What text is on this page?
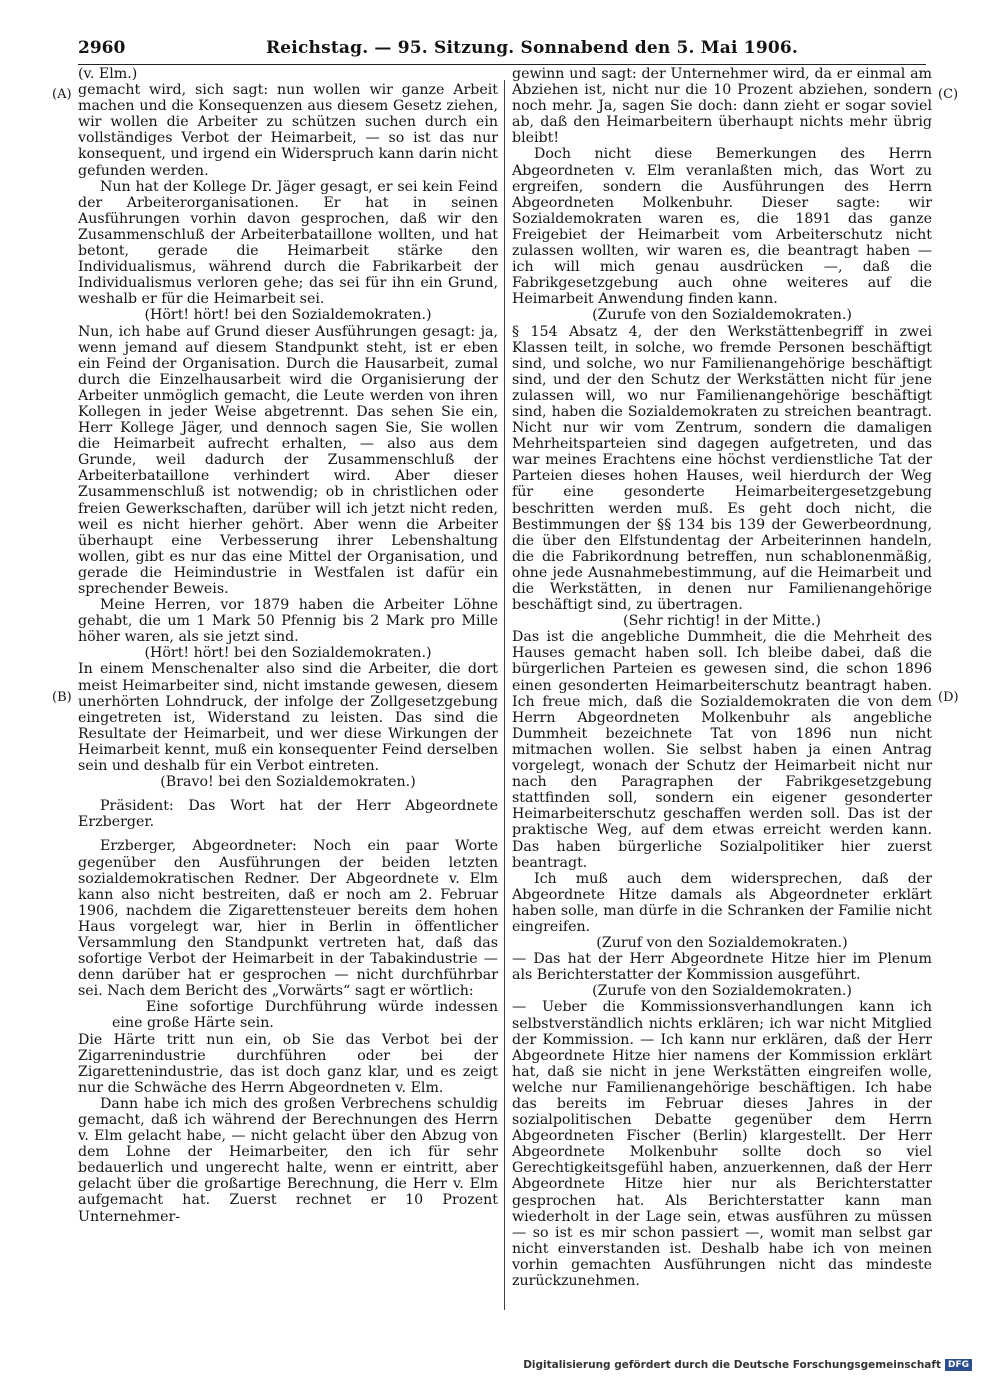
2960	Reichstag. — 95. Sitzung. Sonnabend den 5. Mai 1906.
(A)
(B)
(C)
(D)

(v. Elm.)

gemacht wird, sich sagt: nun wollen wir ganze Arbeit machen und die Konsequenzen aus diesem Gesetz ziehen, wir wollen die Arbeiter zu schützen suchen durch ein vollständiges Verbot der Heimarbeit, — so ist das nur konsequent, und irgend ein Widerspruch kann darin nicht gefunden werden.

Nun hat der Kollege Dr. Jäger gesagt, er sei kein Feind der Arbeiterorganisationen. Er hat in seinen Ausführungen vorhin davon gesprochen, daß wir den Zusammenschluß der Arbeiterbataillone wollten, und hat betont, gerade die Heimarbeit stärke den Individualismus, während durch die Fabrikarbeit der Individualismus verloren gehe; das sei für ihn ein Grund, weshalb er für die Heimarbeit sei.

(Hört! hört! bei den Sozialdemokraten.)

Nun, ich habe auf Grund dieser Ausführungen gesagt: ja, wenn jemand auf diesem Standpunkt steht, ist er eben ein Feind der Organisation. Durch die Hausarbeit, zumal durch die Einzelhausarbeit wird die Organisierung der Arbeiter unmöglich gemacht, die Leute werden von ihren Kollegen in jeder Weise abgetrennt. Das sehen Sie ein, Herr Kollege Jäger, und dennoch sagen Sie, Sie wollen die Heimarbeit aufrecht erhalten, — also aus dem Grunde, weil dadurch der Zusammenschluß der Arbeiterbataillone verhindert wird. Aber dieser Zusammenschluß ist notwendig; ob in christlichen oder freien Gewerkschaften, darüber will ich jetzt nicht reden, weil es nicht hierher gehört. Aber wenn die Arbeiter überhaupt eine Verbesserung ihrer Lebenshaltung wollen, gibt es nur das eine Mittel der Organisation, und gerade die Heimindustrie in Westfalen ist dafür ein sprechender Beweis.

Meine Herren, vor 1879 haben die Arbeiter Löhne gehabt, die um 1 Mark 50 Pfennig bis 2 Mark pro Mille höher waren, als sie jetzt sind.

(Hört! hört! bei den Sozialdemokraten.)

In einem Menschenalter also sind die Arbeiter, die dort meist Heimarbeiter sind, nicht imstande gewesen, diesem unerhörten Lohndruck, der infolge der Zollgesetzgebung eingetreten ist, Widerstand zu leisten. Das sind die Resultate der Heimarbeit, und wer diese Wirkungen der Heimarbeit kennt, muß ein konsequenter Feind derselben sein und deshalb für ein Verbot eintreten.

(Bravo! bei den Sozialdemokraten.)

Präsident: Das Wort hat der Herr Abgeordnete Erzberger.

Erzberger, Abgeordneter: Noch ein paar Worte gegenüber den Ausführungen der beiden letzten sozialdemokratischen Redner. Der Abgeordnete v. Elm kann also nicht bestreiten, daß er noch am 2. Februar 1906, nachdem die Zigarettensteuer bereits dem hohen Haus vorgelegt war, hier in Berlin in öffentlicher Versammlung den Standpunkt vertreten hat, daß das sofortige Verbot der Heimarbeit in der Tabakindustrie — denn darüber hat er gesprochen — nicht durchführbar sei. Nach dem Bericht des „Vorwärts“ sagt er wörtlich:

Eine sofortige Durchführung würde indessen eine große Härte sein.

Die Härte tritt nun ein, ob Sie das Verbot bei der Zigarrenindustrie durchführen oder bei der Zigarettenindustrie, das ist doch ganz klar, und es zeigt nur die Schwäche des Herrn Abgeordneten v. Elm.

Dann habe ich mich des großen Verbrechens schuldig gemacht, daß ich während der Berechnungen des Herrn v. Elm gelacht habe, — nicht gelacht über den Abzug von dem Lohne der Heimarbeiter, den ich für sehr bedauerlich und ungerecht halte, wenn er eintritt, aber gelacht über die großartige Berechnung, die Herr v. Elm aufgemacht hat. Zuerst rechnet er 10 Prozent Unternehmer-

gewinn und sagt: der Unternehmer wird, da er einmal am Abziehen ist, nicht nur die 10 Prozent abziehen, sondern noch mehr. Ja, sagen Sie doch: dann zieht er sogar soviel ab, daß den Heimarbeitern überhaupt nichts mehr übrig bleibt!

Doch nicht diese Bemerkungen des Herrn Abgeordneten v. Elm veranlaßten mich, das Wort zu ergreifen, sondern die Ausführungen des Herrn Abgeordneten Molkenbuhr. Dieser sagte: wir Sozialdemokraten waren es, die 1891 das ganze Freigebiet der Heimarbeit vom Arbeiterschutz nicht zulassen wollten, wir waren es, die beantragt haben — ich will mich genau ausdrücken —, daß die Fabrikgesetzgebung auch ohne weiteres auf die Heimarbeit Anwendung finden kann.

(Zurufe von den Sozialdemokraten.)

§ 154 Absatz 4, der den Werkstättenbegriff in zwei Klassen teilt, in solche, wo fremde Personen beschäftigt sind, und solche, wo nur Familienangehörige beschäftigt sind, und der den Schutz der Werkstätten nicht für jene zulassen will, wo nur Familienangehörige beschäftigt sind, haben die Sozialdemokraten zu streichen beantragt. Nicht nur wir vom Zentrum, sondern die damaligen Mehrheitsparteien sind dagegen aufgetreten, und das war meines Erachtens eine höchst verdienstliche Tat der Parteien dieses hohen Hauses, weil hierdurch der Weg für eine gesonderte Heimarbeitergesetzgebung beschritten werden muß. Es geht doch nicht, die Bestimmungen der §§ 134 bis 139 der Gewerbeordnung, die über den Elfstundentag der Arbeiterinnen handeln, die die Fabrikordnung betreffen, nun schablonenmäßig, ohne jede Ausnahmebestimmung, auf die Heimarbeit und die Werkstätten, in denen nur Familienangehörige beschäftigt sind, zu übertragen.

(Sehr richtig! in der Mitte.)

Das ist die angebliche Dummheit, die die Mehrheit des Hauses gemacht haben soll. Ich bleibe dabei, daß die bürgerlichen Parteien es gewesen sind, die schon 1896 einen gesonderten Heimarbeiterschutz beantragt haben. Ich freue mich, daß die Sozialdemokraten die von dem Herrn Abgeordneten Molkenbuhr als angebliche Dummheit bezeichnete Tat von 1896 nun nicht mitmachen wollen. Sie selbst haben ja einen Antrag vorgelegt, wonach der Schutz der Heimarbeit nicht nur nach den Paragraphen der Fabrikgesetzgebung stattfinden soll, sondern ein eigener gesonderter Heimarbeiterschutz geschaffen werden soll. Das ist der praktische Weg, auf dem etwas erreicht werden kann. Das haben bürgerliche Sozialpolitiker hier zuerst beantragt.

Ich muß auch dem widersprechen, daß der Abgeordnete Hitze damals als Abgeordneter erklärt haben solle, man dürfe in die Schranken der Familie nicht eingreifen.

(Zuruf von den Sozialdemokraten.)

— Das hat der Herr Abgeordnete Hitze hier im Plenum als Berichterstatter der Kommission ausgeführt.

(Zurufe von den Sozialdemokraten.)

— Ueber die Kommissionsverhandlungen kann ich selbstverständlich nichts erklären; ich war nicht Mitglied der Kommission. — Ich kann nur erklären, daß der Herr Abgeordnete Hitze hier namens der Kommission erklärt hat, daß sie nicht in jene Werkstätten eingreifen wolle, welche nur Familienangehörige beschäftigen. Ich habe das bereits im Februar dieses Jahres in der sozialpolitischen Debatte gegenüber dem Herrn Abgeordneten Fischer (Berlin) klargestellt. Der Herr Abgeordnete Molkenbuhr sollte doch so viel Gerechtigkeitsgefühl haben, anzuerkennen, daß der Herr Abgeordnete Hitze hier nur als Berichterstatter gesprochen hat. Als Berichterstatter kann man wiederholt in der Lage sein, etwas ausführen zu müssen — so ist es mir schon passiert —, womit man selbst gar nicht einverstanden ist. Deshalb habe ich von meinen vorhin gemachten Ausführungen nicht das mindeste zurückzunehmen.

Digitalisierung gefördert durch die Deutsche Forschungsgemeinschaft DFG
